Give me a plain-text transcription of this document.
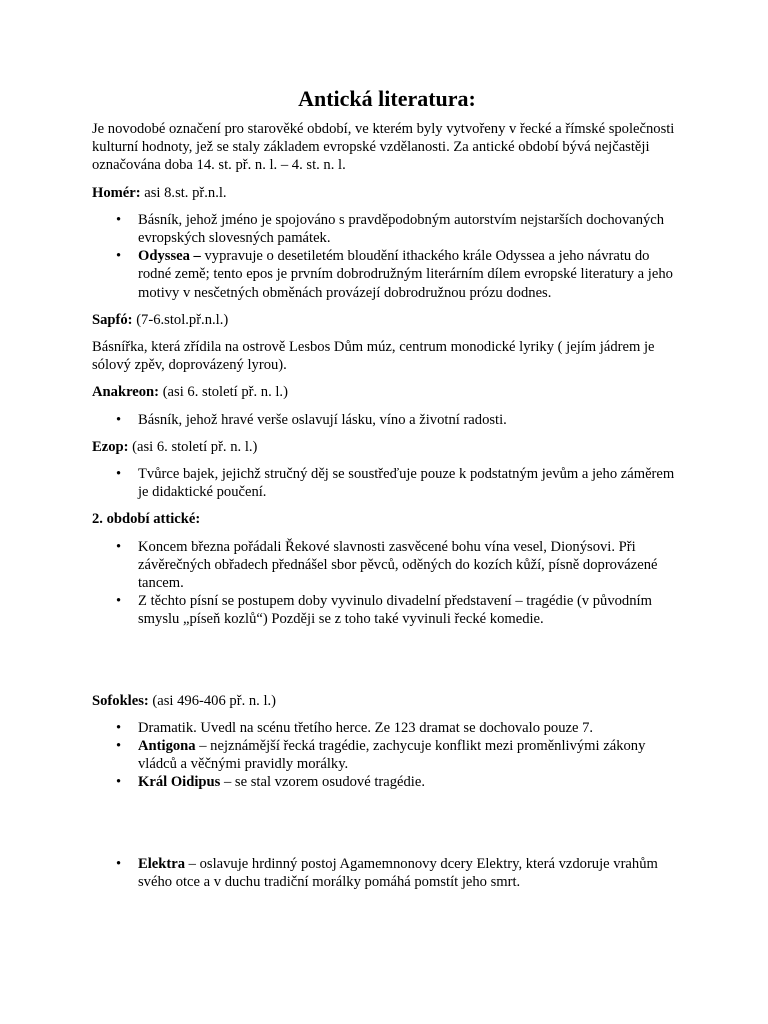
Antická literatura:

Je novodobé označení pro starověké období, ve kterém byly vytvořeny v řecké a římské společnosti kulturní hodnoty, jež se staly základem evropské vzdělanosti. Za antické období bývá nejčastěji označována doba 14. st. př. n. l. – 4. st. n. l.

Homér: asi 8.st. př.n.l.

• Básník, jehož jméno je spojováno s pravděpodobným autorstvím nejstarších dochovaných evropských slovesných památek.
• Odyssea – vypravuje o desetiletém bloudění ithackého krále Odyssea a jeho návratu do rodné země; tento epos je prvním dobrodružným literárním dílem evropské literatury a jeho motivy v nesčetných obměnách provázejí dobrodružnou prózu dodnes.

Sapfó: (7-6.stol.př.n.l.)

Básnířka, která zřídila na ostrově Lesbos Dům múz, centrum monodické lyriky ( jejím jádrem je sólový zpěv, doprovázený lyrou).

Anakreon: (asi 6. století př. n. l.)

• Básník, jehož hravé verše oslavují lásku, víno a životní radosti.

Ezop: (asi 6. století př. n. l.)

• Tvůrce bajek, jejichž stručný děj se soustřeďuje pouze k podstatným jevům a jeho záměrem je didaktické poučení.

2. období attické:

• Koncem března pořádali Řekové slavnosti zasvěcené bohu vína vesel, Dionýsovi. Při závěrečných obřadech přednášel sbor pěvců, oděných do kozích kůží, písně doprovázené tancem.
• Z těchto písní se postupem doby vyvinulo divadelní představení – tragédie (v původním smyslu „píseň kozlů“) Později se z toho také vyvinuli řecké komedie.

Sofokles: (asi 496-406 př. n. l.)

• Dramatik. Uvedl na scénu třetího herce. Ze 123 dramat se dochovalo pouze 7.
• Antigona – nejznámější řecká tragédie, zachycuje konflikt mezi proměnlivými zákony vládců a věčnými pravidly morálky.
• Král Oidipus – se stal vzorem osudové tragédie.
• Elektra – oslavuje hrdinný postoj Agamemnonovy dcery Elektry, která vzdoruje vrahům svého otce a v duchu tradiční morálky pomáhá pomstít jeho smrt.
